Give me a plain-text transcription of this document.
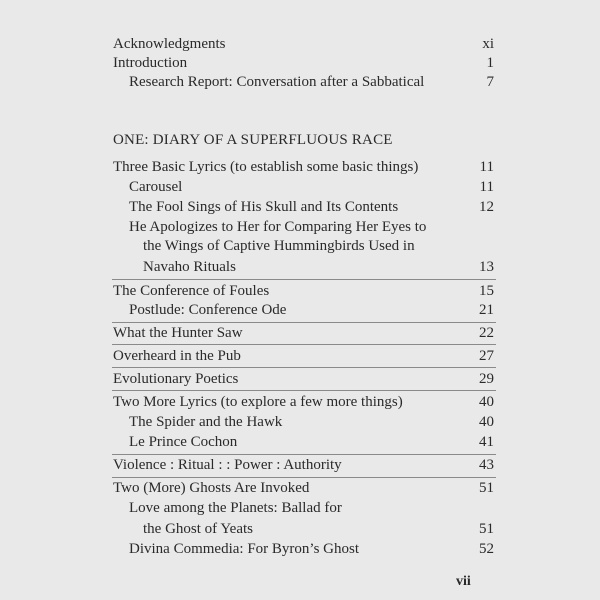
Acknowledgments	xi
Introduction	1
Research Report: Conversation after a Sabbatical	7
ONE: DIARY OF A SUPERFLUOUS RACE
Three Basic Lyrics (to establish some basic things)	11
Carousel	11
The Fool Sings of His Skull and Its Contents	12
He Apologizes to Her for Comparing Her Eyes to
the Wings of Captive Hummingbirds Used in
Navaho Rituals	13
The Conference of Foules	15
Postlude: Conference Ode	21
What the Hunter Saw	22
Overheard in the Pub	27
Evolutionary Poetics	29
Two More Lyrics (to explore a few more things)	40
The Spider and the Hawk	40
Le Prince Cochon	41
Violence : Ritual : : Power : Authority	43
Two (More) Ghosts Are Invoked	51
Love among the Planets: Ballad for
the Ghost of Yeats	51
Divina Commedia: For Byron’s Ghost	52
vii
